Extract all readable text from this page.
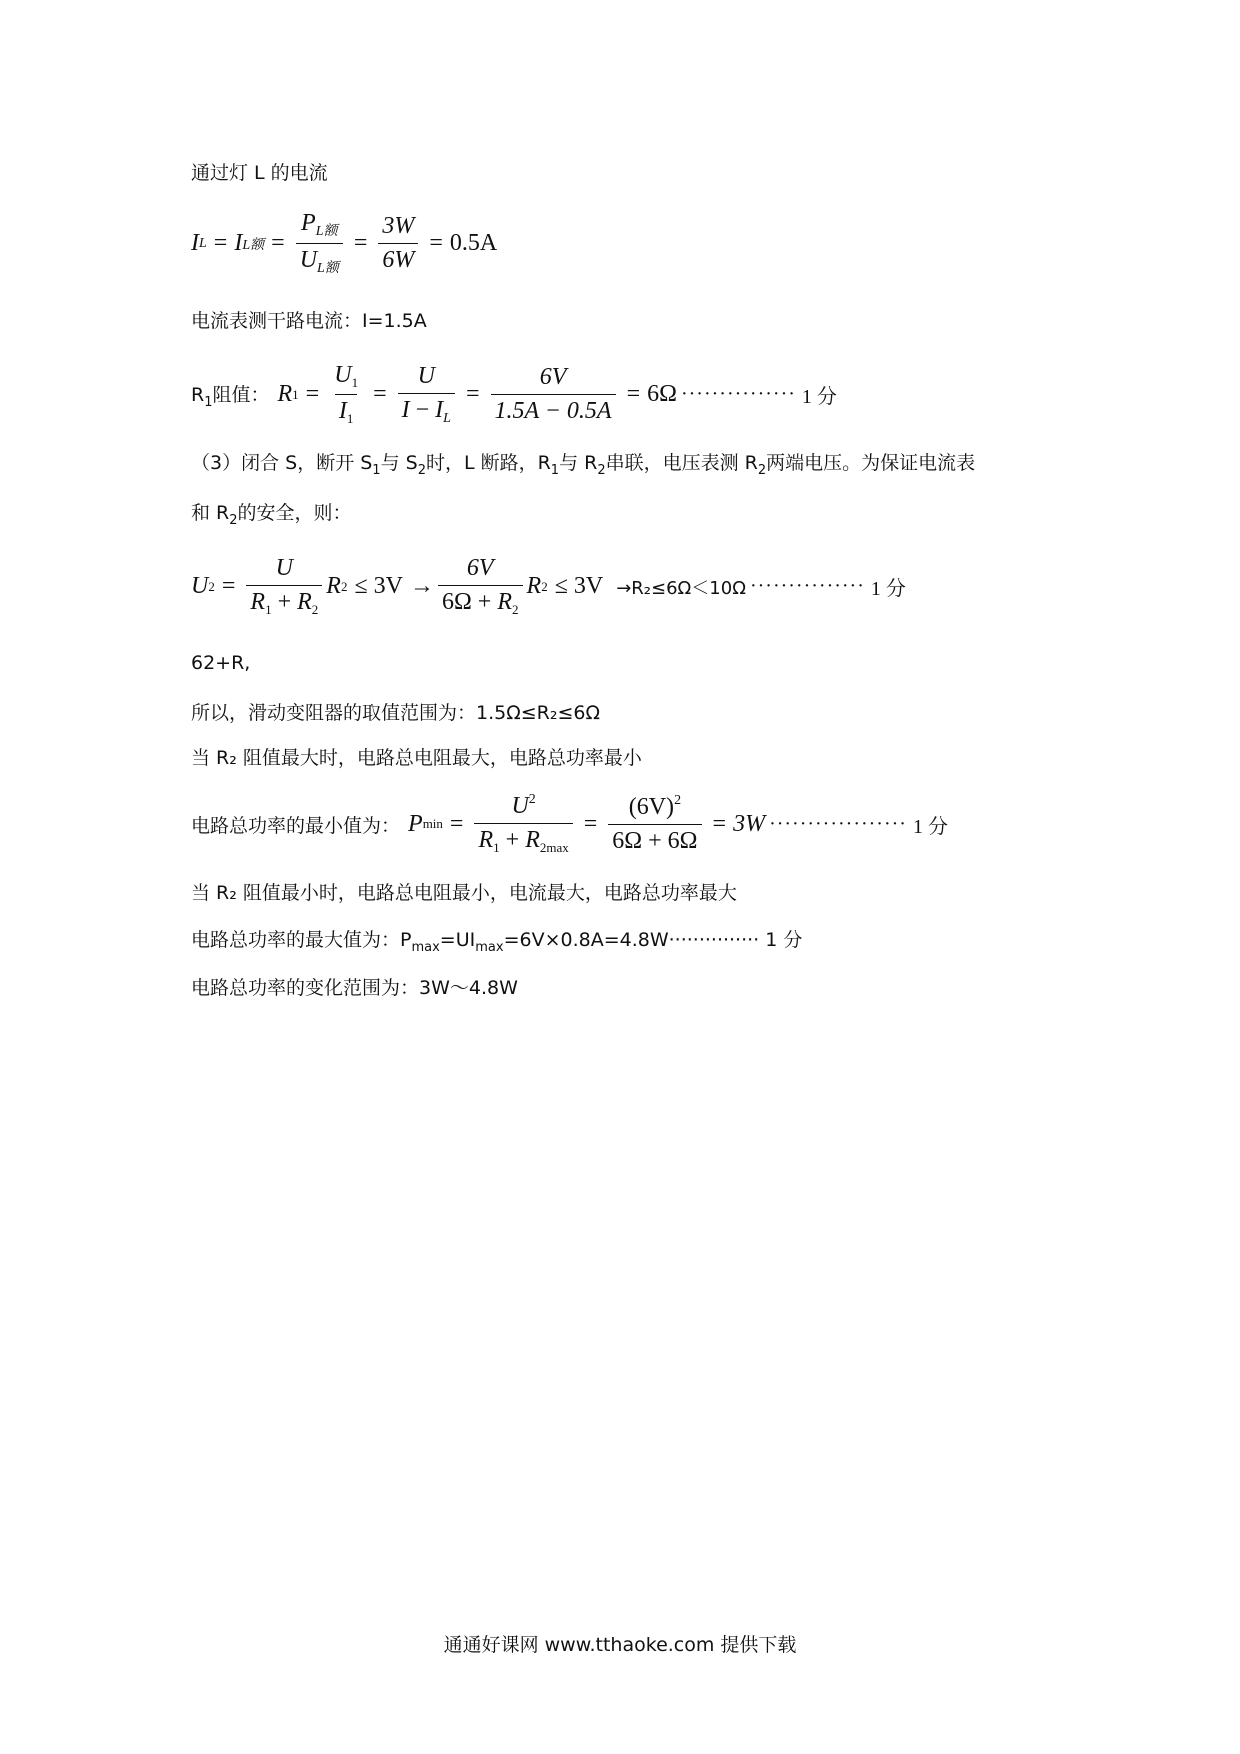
通过灯 L 的电流
I L = I L额 = $\frac{P_{L额}}{U_{L额}} = \frac{3W}{6W} = 0.5A$
电流表测干路电流：I=1.5A
$R_1$阻值： R $1 = \frac{U_1}{I_1} = \frac{U}{I - I_L} = \frac{6V}{1.5A - 0.5A} = 6\Omega$ ··············· 1 分
（3）闭合 S，断开 $S_1$与 $S_2$时，L 断路，$R_1$与 $R_2$串联，电压表测 $R_2$两端电压。为保证电流表
和 $R_2$的安全，则：
U $2 = \frac{U}{R_1 + R_2}$ R $2 \le 3V \to \frac{6V}{6\Omega + R_2}$ R 2 ≤ 3V →R₂≤6Ω＜10Ω ··············· 1 分
62+R,
所以，滑动变阻器的取值范围为：1.5Ω≤R₂≤6Ω
当 R₂ 阻值最大时，电路总电阻最大，电路总功率最小
电路总功率的最小值为： P $\min = \frac{U^2}{R_1 + R_{2max}} = \frac{(6V)^2}{6\Omega + 6\Omega} = 3W$ ·················· 1 分
当 R₂ 阻值最小时，电路总电阻最小，电流最大，电路总功率最大
电路总功率的最大值为：$P_{max}=UI_{max}=6V\times 0.8A=4.8W\cdot\cdot\cdot\cdot\cdot\cdot\cdot\cdot\cdot\cdot\cdot\cdot\cdot\cdot\cdot 1$ 分
电路总功率的变化范围为：3W～4.8W
通通好课网 www.tthaoke.com 提供下载
